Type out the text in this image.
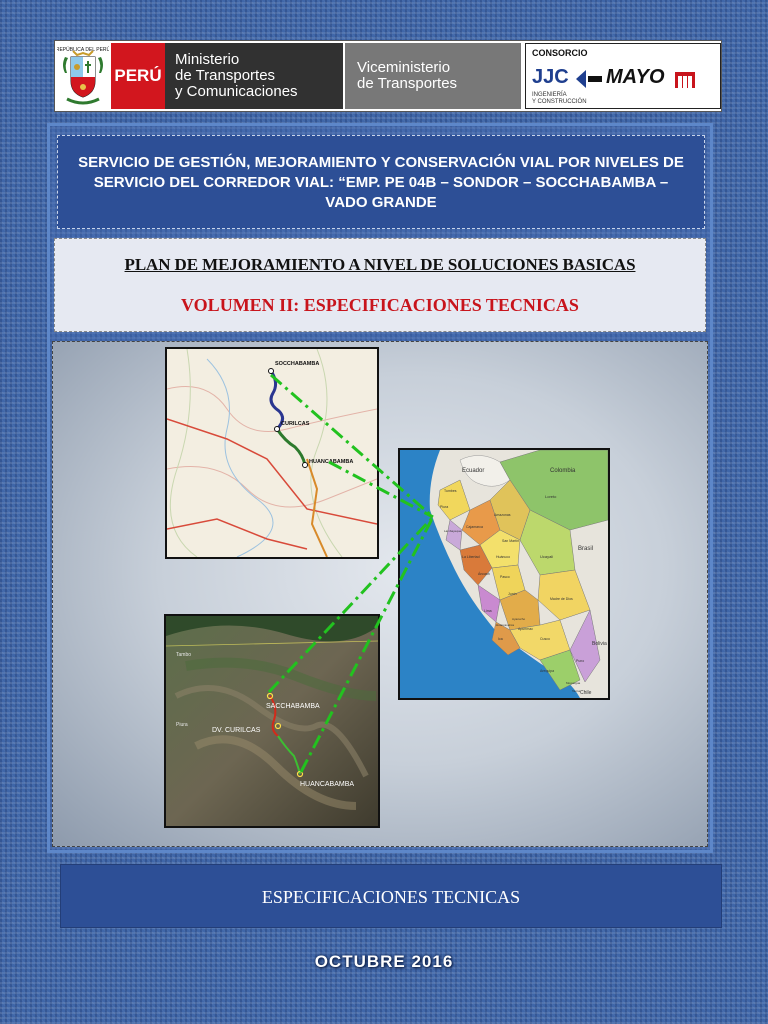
REPÚBLICA DEL PERÚ
PERÚ
Ministerio
de Transportes
y Comunicaciones
Viceministerio
de Transportes
CONSORCIO
JJC MAYO
INGENIERÍA
Y CONSTRUCCIÓN
SERVICIO DE GESTIÓN, MEJORAMIENTO Y CONSERVACIÓN VIAL POR NIVELES DE SERVICIO DEL CORREDOR VIAL: “EMP. PE 04B – SONDOR – SOCCHABAMBA – VADO GRANDE
PLAN DE MEJORAMIENTO A NIVEL DE SOLUCIONES BASICAS
VOLUMEN II: ESPECIFICACIONES TECNICAS
SOCCHABAMBA
CURILCAS
HUANCABAMBA
Ecuador	Colombia
Brasil
Bolivia
Chile
Loreto
Amazonas
Piura
Tumbes
Cajamarca
Lambayeque
San Martín
La Libertad
Áncash
Huánuco	Ucayali
Lima
Pasco
Junín
Cusco
Madre de Dios
Ica
Apurímac
Arequipa
Puno
Moquegua
Tacna
Ayacucho
Huancavelica
SACCHABAMBA
DV. CURILCAS
HUANCABAMBA
Tambo
Piura
ESPECIFICACIONES TECNICAS
OCTUBRE 2016
